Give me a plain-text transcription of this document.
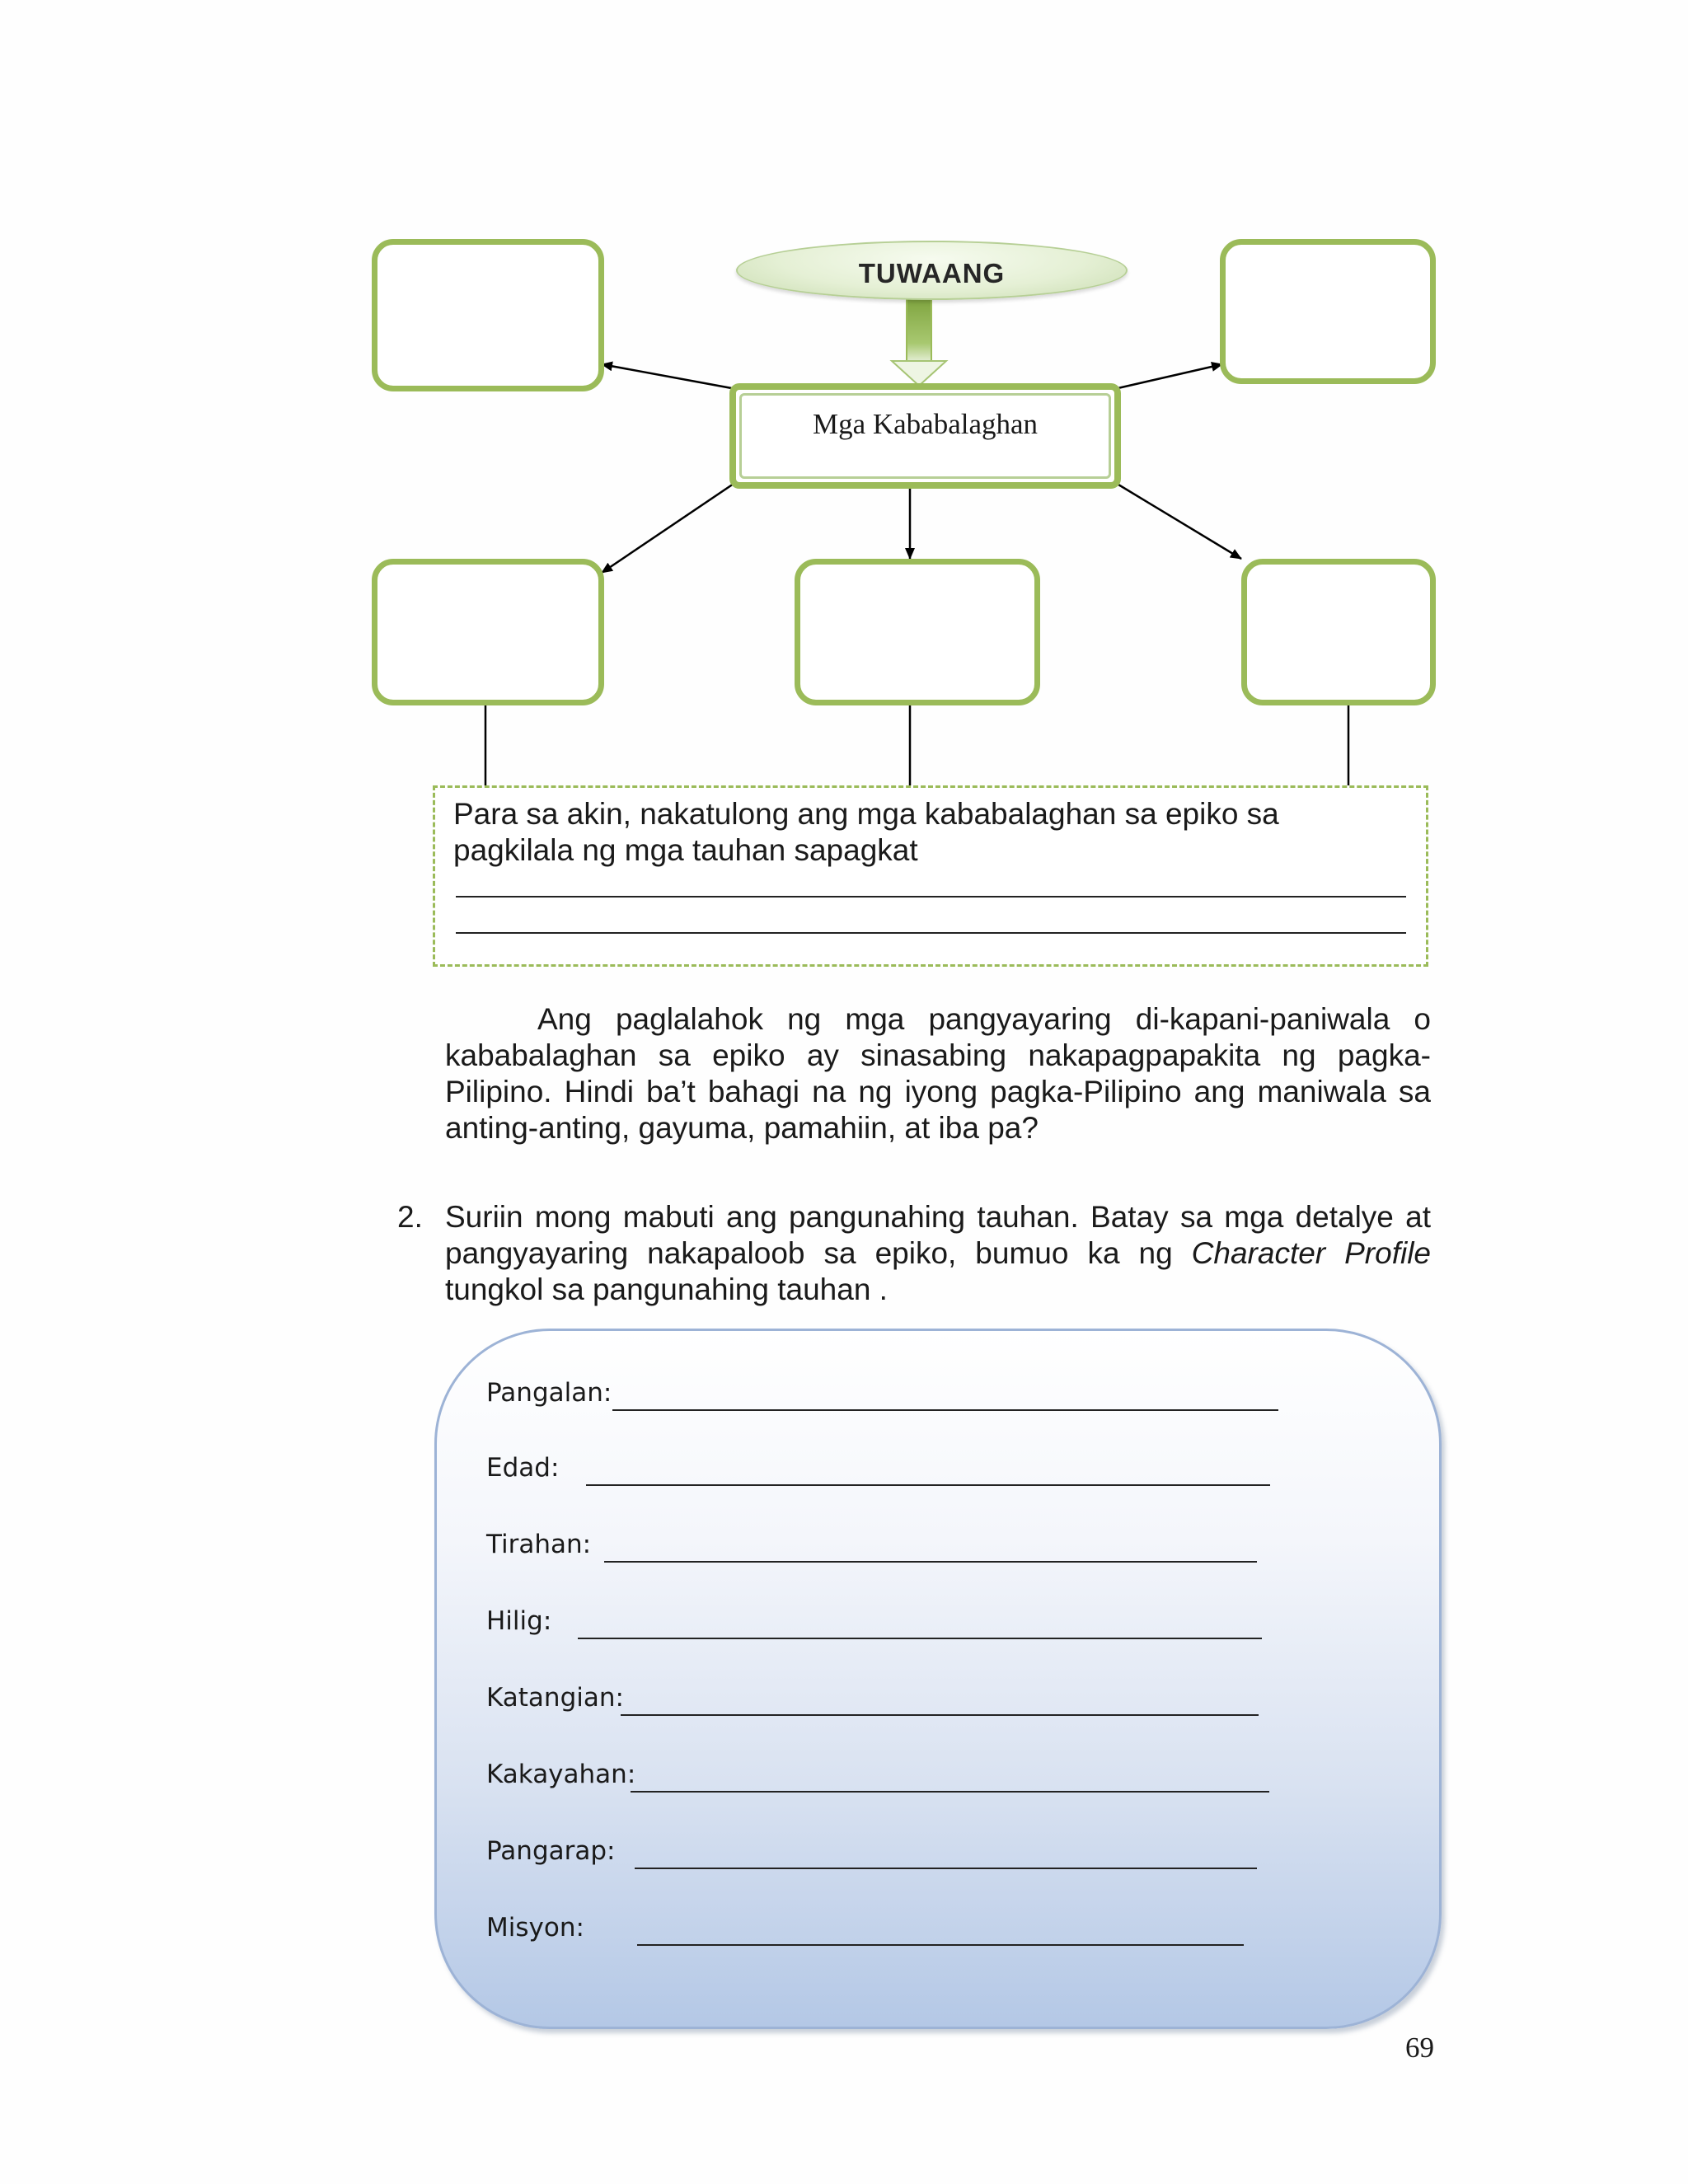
TUWAANG
Mga Kababalaghan
Para sa akin, nakatulong ang mga kababalaghan sa epiko sa
pagkilala ng mga tauhan sapagkat
Ang paglalahok ng mga pangyayaring di-kapani-paniwala o kababalaghan sa epiko ay sinasabing nakapagpapakita ng pagka-Pilipino. Hindi ba’t bahagi na ng iyong pagka-Pilipino ang maniwala sa anting-anting, gayuma, pamahiin, at iba pa?
2. Suriin mong mabuti ang pangunahing tauhan. Batay sa mga detalye at pangyayaring nakapaloob sa epiko, bumuo ka ng Character Profile tungkol sa pangunahing tauhan .
Pangalan:
Edad:
Tirahan:
Hilig:
Katangian:
Kakayahan:
Pangarap:
Misyon:
69
